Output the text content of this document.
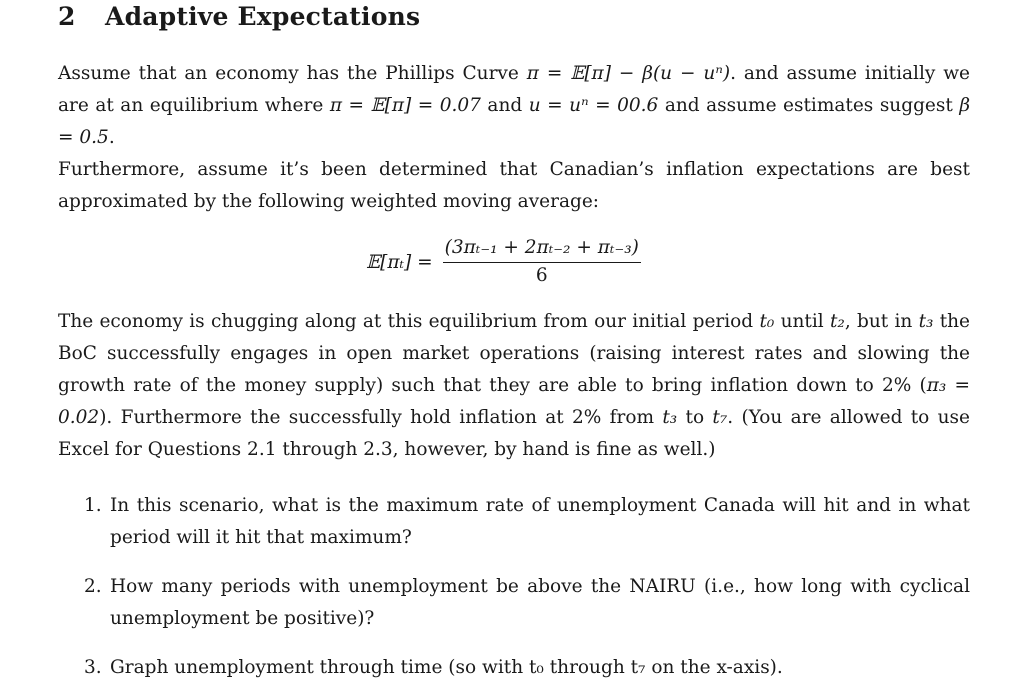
2 Adaptive Expectations
Assume that an economy has the Phillips Curve π = 𝔼[π] − β(u − uⁿ). and assume initially we are at an equilibrium where π = 𝔼[π] = 0.07 and u = uⁿ = 00.6 and assume estimates suggest β = 0.5.
Furthermore, assume it’s been determined that Canadian’s inflation expectations are best approximated by the following weighted moving average:
𝔼[πₜ] = $\frac{\text{(3πₜ₋₁ + 2πₜ₋₂ + πₜ₋₃)}}{6}$
The economy is chugging along at this equilibrium from our initial period t₀ until t₂, but in t₃ the BoC successfully engages in open market operations (raising interest rates and slowing the growth rate of the money supply) such that they are able to bring inflation down to 2% (π₃ = 0.02). Furthermore the successfully hold inflation at 2% from t₃ to t₇. (You are allowed to use Excel for Questions 2.1 through 2.3, however, by hand is fine as well.)
1. In this scenario, what is the maximum rate of unemployment Canada will hit and in what period will it hit that maximum?
2. How many periods with unemployment be above the NAIRU (i.e., how long with cyclical unemployment be positive)?
3. Graph unemployment through time (so with t₀ through t₇ on the x-axis).
